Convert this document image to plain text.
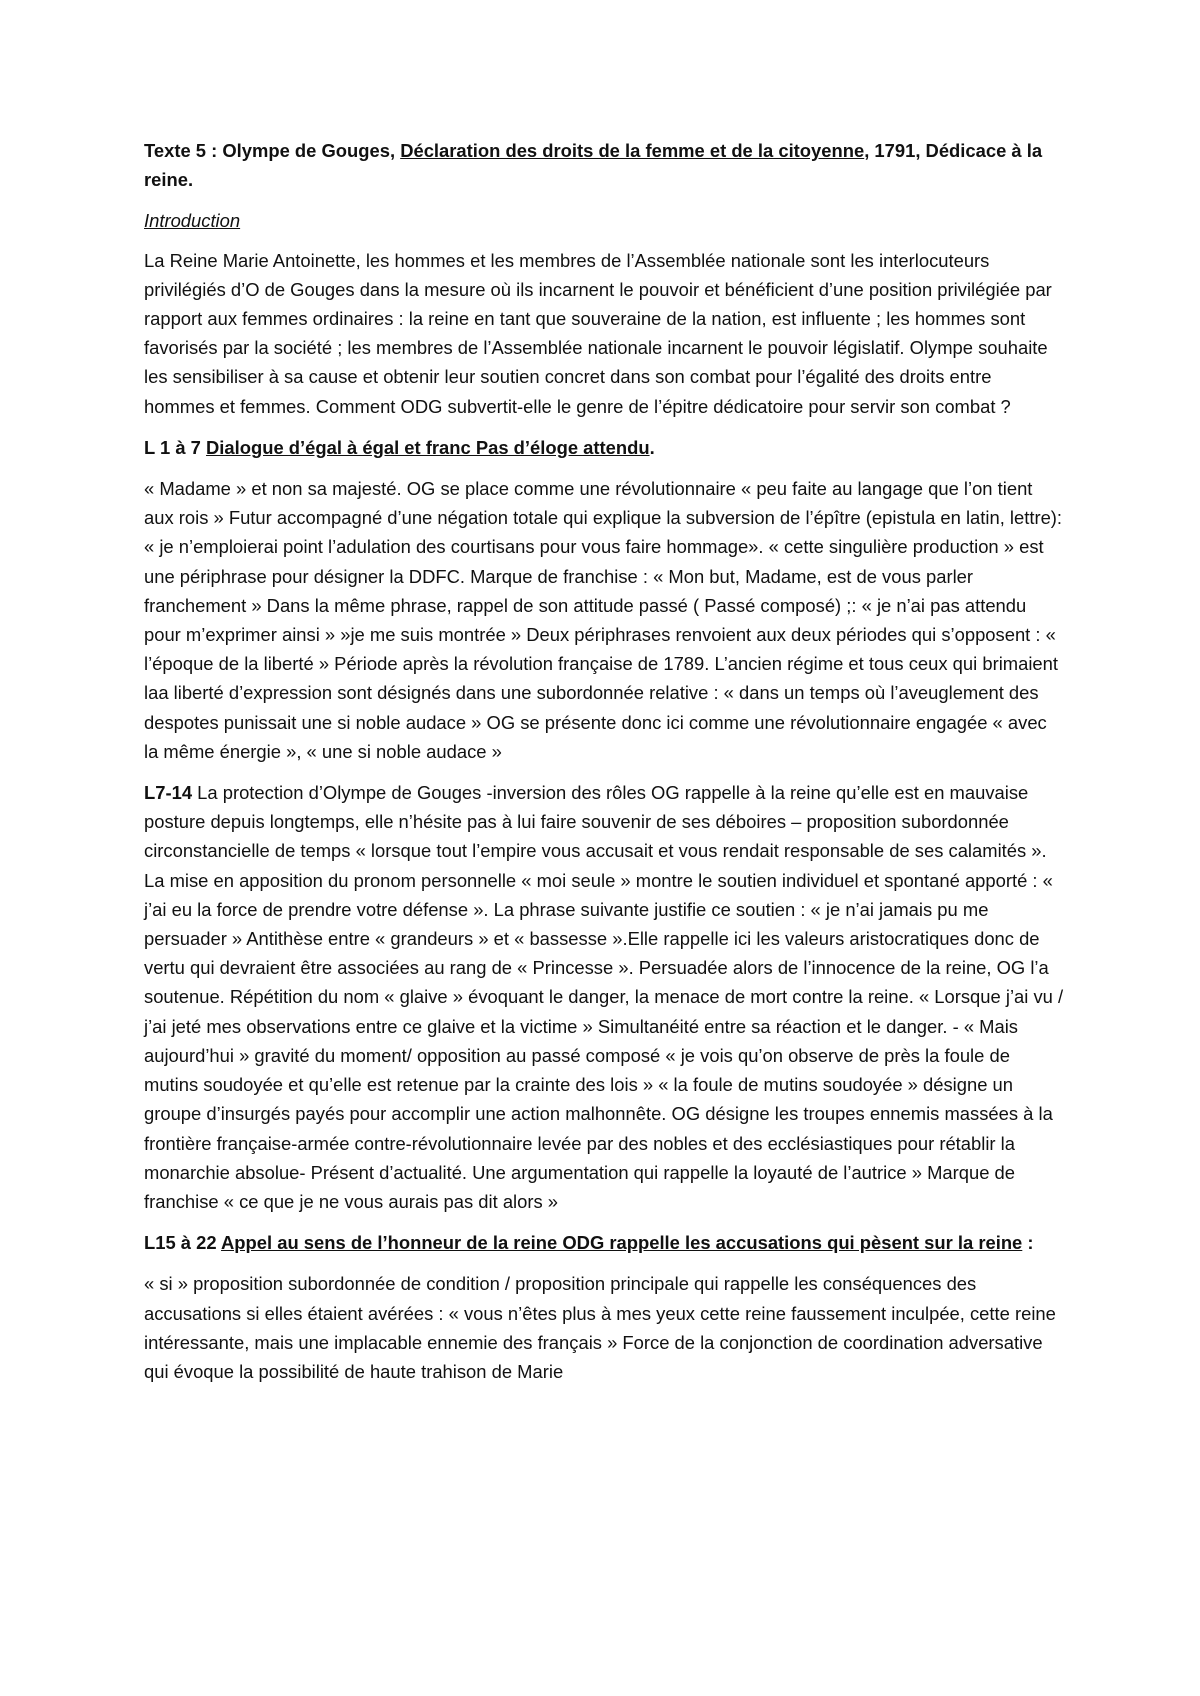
Texte 5 : Olympe de Gouges, Déclaration des droits de la femme et de la citoyenne, 1791, Dédicace à la reine.
Introduction

La Reine Marie Antoinette, les hommes et les membres de l’Assemblée nationale sont les interlocuteurs privilégiés d’O de Gouges dans la mesure où ils incarnent le pouvoir et bénéficient d’une position privilégiée par rapport aux femmes ordinaires : la reine en tant que souveraine de la nation, est influente ; les hommes sont favorisés par la société ; les membres de l’Assemblée nationale incarnent le pouvoir législatif. Olympe souhaite les sensibiliser à sa cause et obtenir leur soutien concret dans son combat pour l’égalité des droits entre hommes et femmes. Comment ODG subvertit-elle le genre de l’épitre dédicatoire pour servir son combat ?

L 1 à 7 Dialogue d’égal à égal et franc Pas d’éloge attendu.

« Madame » et non sa majesté. OG se place comme une révolutionnaire « peu faite au langage que l’on tient aux rois » Futur accompagné d’une négation totale qui explique la subversion de l’épître (epistula en latin, lettre): « je n’emploierai point l’adulation des courtisans pour vous faire hommage». « cette singulière production » est une périphrase pour désigner la DDFC. Marque de franchise : « Mon but, Madame, est de vous parler franchement » Dans la même phrase, rappel de son attitude passé ( Passé composé) ;: « je n’ai pas attendu pour m’exprimer ainsi » »je me suis montrée » Deux périphrases renvoient aux deux périodes qui s’opposent : « l’époque de la liberté » Période après la révolution française de 1789. L’ancien régime et tous ceux qui brimaient laa liberté d’expression sont désignés dans une subordonnée relative : « dans un temps où l’aveuglement des despotes punissait une si noble audace » OG se présente donc ici comme une révolutionnaire engagée « avec la même énergie », « une si noble audace »

L7-14 La protection d’Olympe de Gouges -inversion des rôles OG rappelle à la reine qu’elle est en mauvaise posture depuis longtemps, elle n’hésite pas à lui faire souvenir de ses déboires – proposition subordonnée circonstancielle de temps « lorsque tout l’empire vous accusait et vous rendait responsable de ses calamités ». La mise en apposition du pronom personnelle « moi seule » montre le soutien individuel et spontané apporté : « j’ai eu la force de prendre votre défense ». La phrase suivante justifie ce soutien : « je n’ai jamais pu me persuader » Antithèse entre « grandeurs » et « bassesse ».Elle rappelle ici les valeurs aristocratiques donc de vertu qui devraient être associées au rang de « Princesse ». Persuadée alors de l’innocence de la reine, OG l’a soutenue. Répétition du nom « glaive » évoquant le danger, la menace de mort contre la reine. « Lorsque j’ai vu / j’ai jeté mes observations entre ce glaive et la victime » Simultanéité entre sa réaction et le danger. - « Mais aujourd’hui » gravité du moment/ opposition au passé composé « je vois qu’on observe de près la foule de mutins soudoyée et qu’elle est retenue par la crainte des lois » « la foule de mutins soudoyée » désigne un groupe d’insurgés payés pour accomplir une action malhonnête. OG désigne les troupes ennemis massées à la frontière française-armée contre-révolutionnaire levée par des nobles et des ecclésiastiques pour rétablir la monarchie absolue- Présent d’actualité. Une argumentation qui rappelle la loyauté de l’autrice » Marque de franchise « ce que je ne vous aurais pas dit alors »

L15 à 22 Appel au sens de l’honneur de la reine ODG rappelle les accusations qui pèsent sur la reine :

« si » proposition subordonnée de condition / proposition principale qui rappelle les conséquences des accusations si elles étaient avérées : « vous n’êtes plus à mes yeux cette reine faussement inculpée, cette reine intéressante, mais une implacable ennemie des français » Force de la conjonction de coordination adversative qui évoque la possibilité de haute trahison de Marie
